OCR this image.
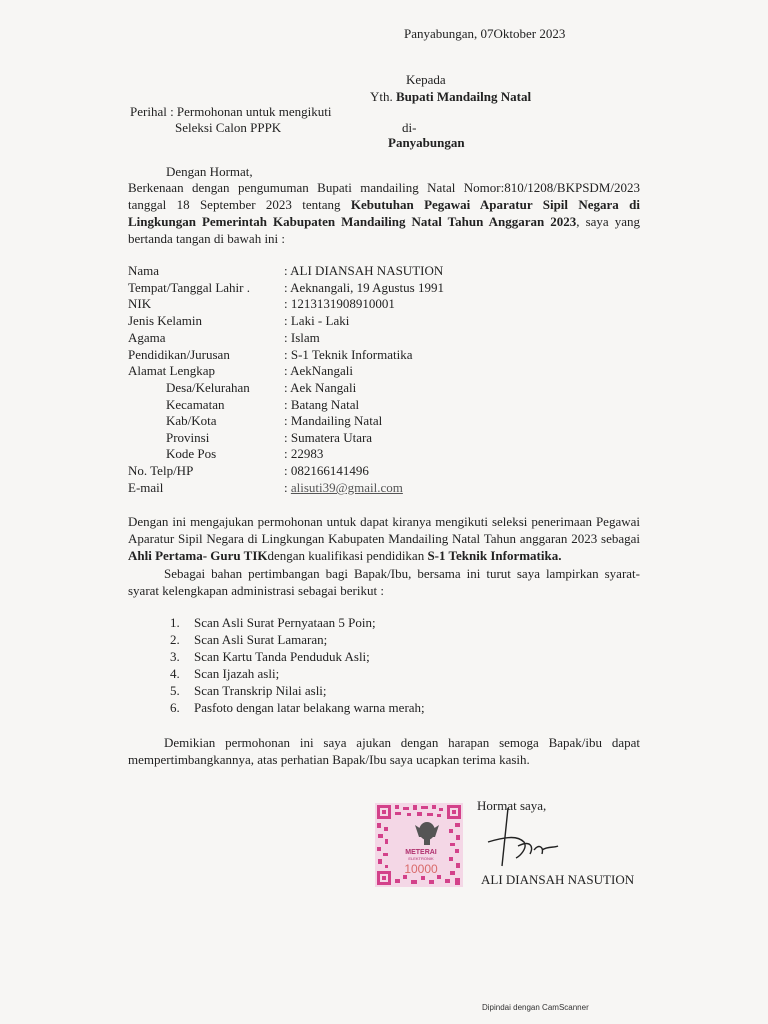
Panyabungan, 07Oktober 2023
Kepada
Yth. Bupati Mandailng Natal
Perihal : Permohonan untuk mengikuti
Seleksi Calon PPPK	di-
Panyabungan
Dengan Hormat,
Berkenaan dengan pengumuman Bupati mandailing Natal Nomor:810/1208/BKPSDM/2023 tanggal 18 September 2023 tentang Kebutuhan Pegawai Aparatur Sipil Negara di Lingkungan Pemerintah Kabupaten Mandailing Natal Tahun Anggaran 2023, saya yang bertanda tangan di bawah ini :
Nama	: ALI DIANSAH NASUTION
Tempat/Tanggal Lahir .	: Aeknangali, 19 Agustus 1991
NIK	: 1213131908910001
Jenis Kelamin	: Laki - Laki
Agama	: Islam
Pendidikan/Jurusan	: S-1 Teknik Informatika
Alamat Lengkap	: AekNangali
Desa/Kelurahan	: Aek Nangali
Kecamatan	: Batang Natal
Kab/Kota	: Mandailing Natal
Provinsi	: Sumatera Utara
Kode Pos	: 22983
No. Telp/HP	: 082166141496
E-mail	: alisuti39@gmail.com
Dengan ini mengajukan permohonan untuk dapat kiranya mengikuti seleksi penerimaan Pegawai Aparatur Sipil Negara di Lingkungan Kabupaten Mandailing Natal Tahun anggaran 2023 sebagai Ahli Pertama- Guru TIKdengan kualifikasi pendidikan S-1 Teknik Informatika.
Sebagai bahan pertimbangan bagi Bapak/Ibu, bersama ini turut saya lampirkan syarat-syarat kelengkapan administrasi sebagai berikut :
1. Scan Asli Surat Pernyataan 5 Poin;
2. Scan Asli Surat Lamaran;
3. Scan Kartu Tanda Penduduk Asli;
4. Scan Ijazah asli;
5. Scan Transkrip Nilai asli;
6. Pasfoto dengan latar belakang warna merah;
Demikian permohonan ini saya ajukan dengan harapan semoga Bapak/ibu dapat mempertimbangkannya, atas perhatian Bapak/Ibu saya ucapkan terima kasih.
METERAI
ELEKTRONIK
10000
Hormat saya,
ALI DIANSAH NASUTION
Dipindai dengan CamScanner
